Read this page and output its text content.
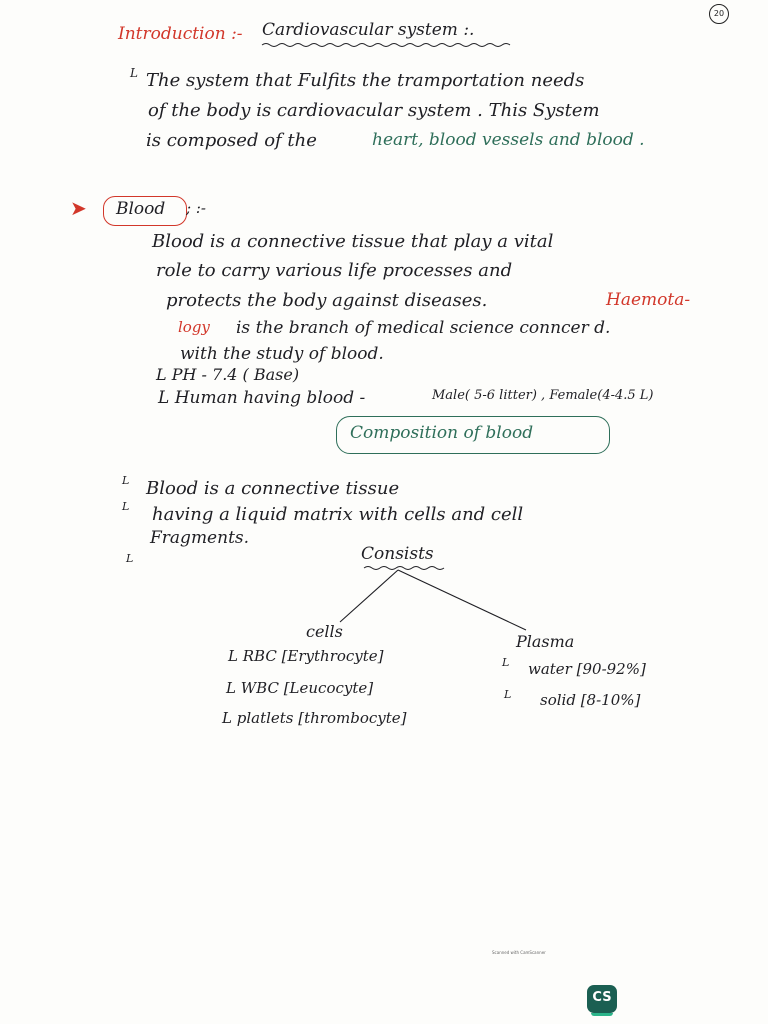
20
Introduction :- Cardiovascular system :.
L The system that Fulfits the tramportation needs
of the body is cardiovacular system . This System
is composed of the	heart, blood vessels and blood .
➤ Blood ; :-
Blood is a connective tissue that play a vital
role to carry various life processes and
protects the body against diseases.	Haemota-
logy is the branch of medical science conncer d.
with the study of blood.
L PH - 7.4 ( Base)
L Human having blood -	Male( 5-6 litter) , Female(4-4.5 L)
Composition of blood
L Blood is a connective tissue
L having a liquid matrix with cells and cell
Fragments.
L	Consists
cells
L RBC [Erythrocyte]
L WBC [Leucocyte]
L platlets [thrombocyte]
Plasma
L water [90-92%]
L solid [8-10%]
Scanned with CamScanner
CS
